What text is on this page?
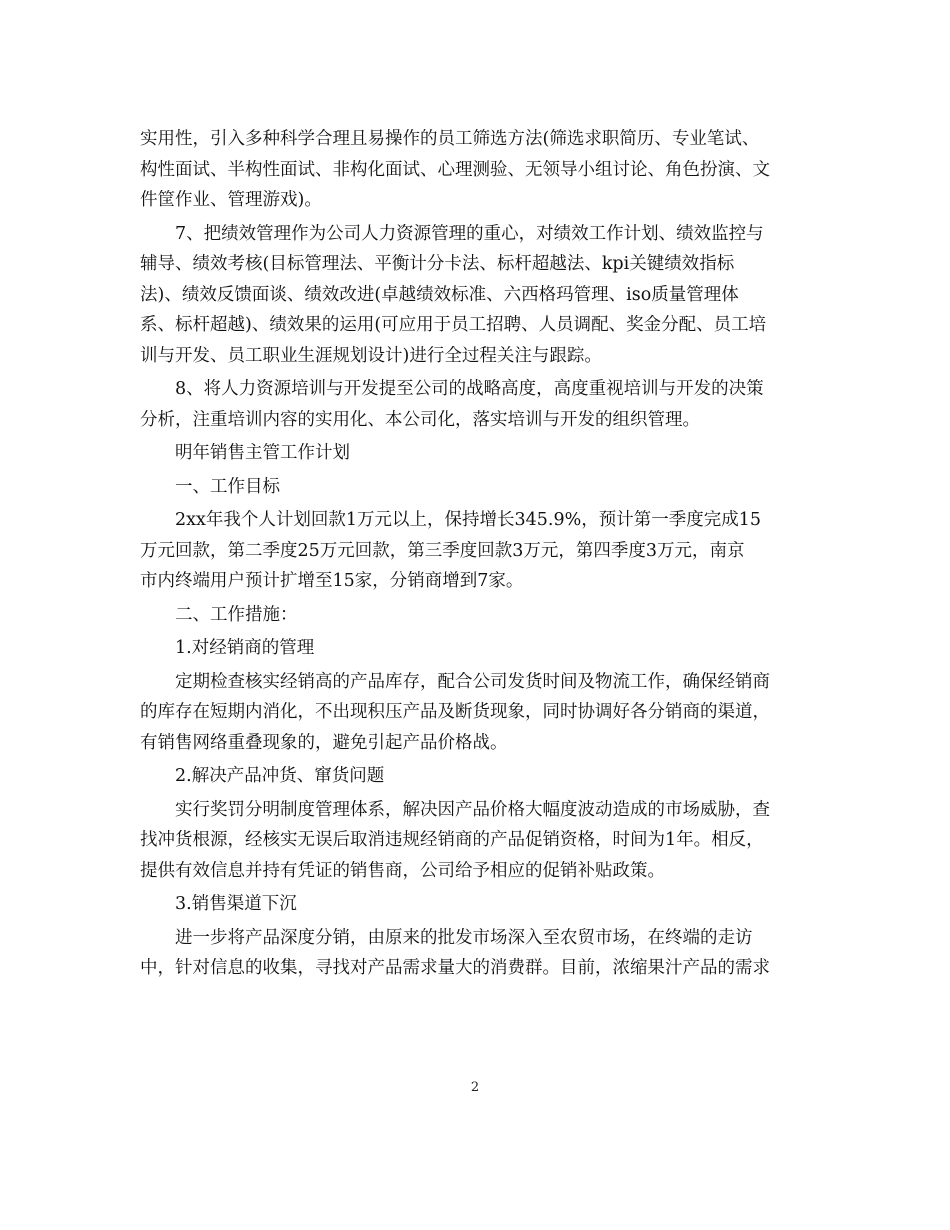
实用性，引入多种科学合理且易操作的员工筛选方法(筛选求职简历、专业笔试、
构性面试、半构性面试、非构化面试、心理测验、无领导小组讨论、角色扮演、文
件筐作业、管理游戏)。

7、把绩效管理作为公司人力资源管理的重心，对绩效工作计划、绩效监控与
辅导、绩效考核(目标管理法、平衡计分卡法、标杆超越法、kpi关键绩效指标
法)、绩效反馈面谈、绩效改进(卓越绩效标准、六西格玛管理、iso质量管理体
系、标杆超越)、绩效果的运用(可应用于员工招聘、人员调配、奖金分配、员工培
训与开发、员工职业生涯规划设计)进行全过程关注与跟踪。

8、将人力资源培训与开发提至公司的战略高度，高度重视培训与开发的决策
分析，注重培训内容的实用化、本公司化，落实培训与开发的组织管理。

明年销售主管工作计划

一、工作目标

2xx年我个人计划回款1万元以上，保持增长345.9%，预计第一季度完成15
万元回款，第二季度25万元回款，第三季度回款3万元，第四季度3万元，南京
市内终端用户预计扩增至15家，分销商增到7家。

二、工作措施：

1.对经销商的管理

定期检查核实经销高的产品库存，配合公司发货时间及物流工作，确保经销商
的库存在短期内消化，不出现积压产品及断货现象，同时协调好各分销商的渠道，
有销售网络重叠现象的，避免引起产品价格战。

2.解决产品冲货、窜货问题

实行奖罚分明制度管理体系，解决因产品价格大幅度波动造成的市场威胁，查
找冲货根源，经核实无误后取消违规经销商的产品促销资格，时间为1年。相反，
提供有效信息并持有凭证的销售商，公司给予相应的促销补贴政策。

3.销售渠道下沉

进一步将产品深度分销，由原来的批发市场深入至农贸市场，在终端的走访
中，针对信息的收集，寻找对产品需求量大的消费群。目前，浓缩果汁产品的需求

2
